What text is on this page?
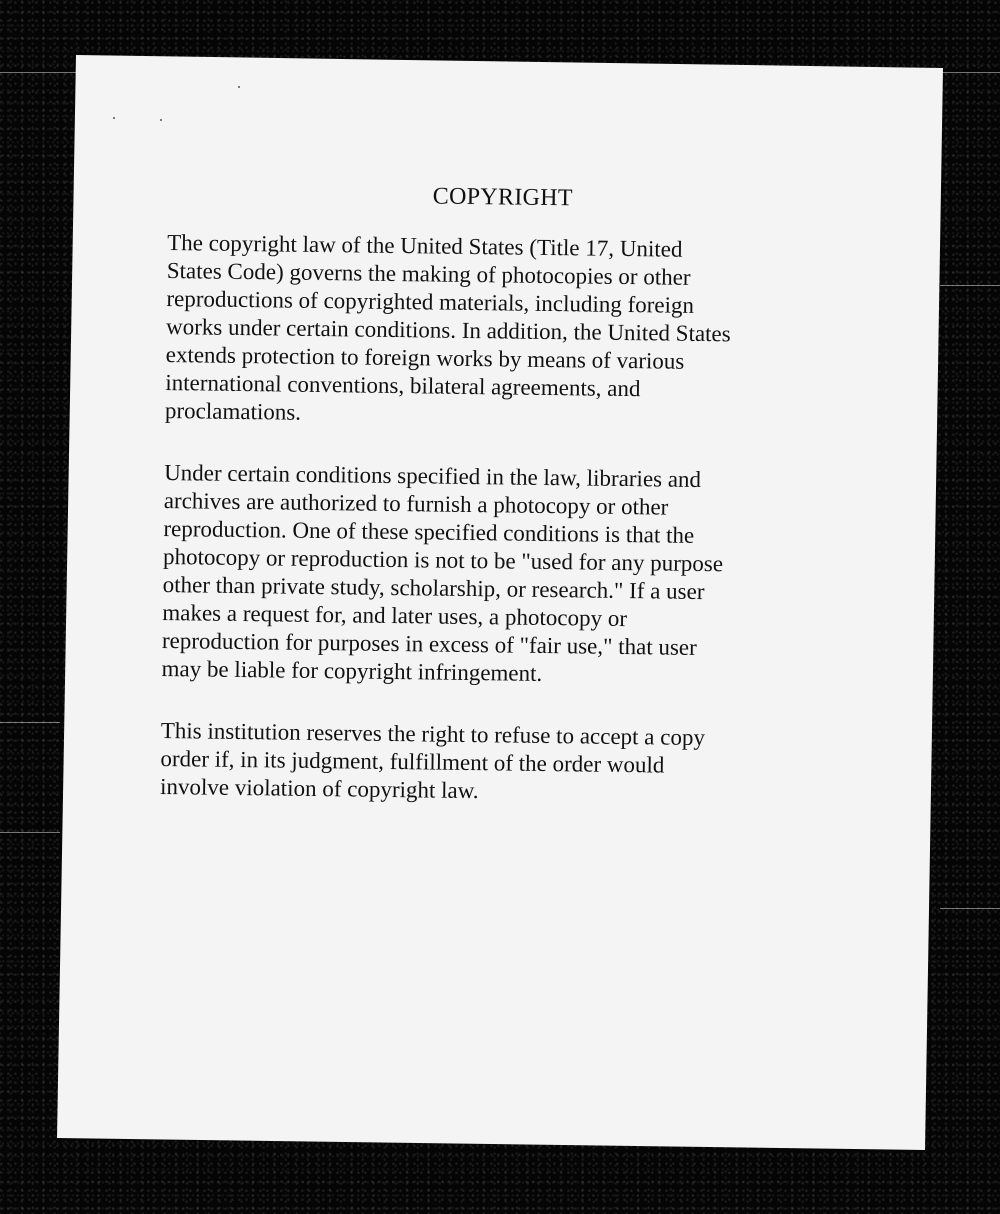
COPYRIGHT
The copyright law of the United States (Title 17, United
States Code) governs the making of photocopies or other
reproductions of copyrighted materials, including foreign
works under certain conditions. In addition, the United States
extends protection to foreign works by means of various
international conventions, bilateral agreements, and
proclamations.
Under certain conditions specified in the law, libraries and
archives are authorized to furnish a photocopy or other
reproduction. One of these specified conditions is that the
photocopy or reproduction is not to be "used for any purpose
other than private study, scholarship, or research." If a user
makes a request for, and later uses, a photocopy or
reproduction for purposes in excess of "fair use," that user
may be liable for copyright infringement.
This institution reserves the right to refuse to accept a copy
order if, in its judgment, fulfillment of the order would
involve violation of copyright law.
